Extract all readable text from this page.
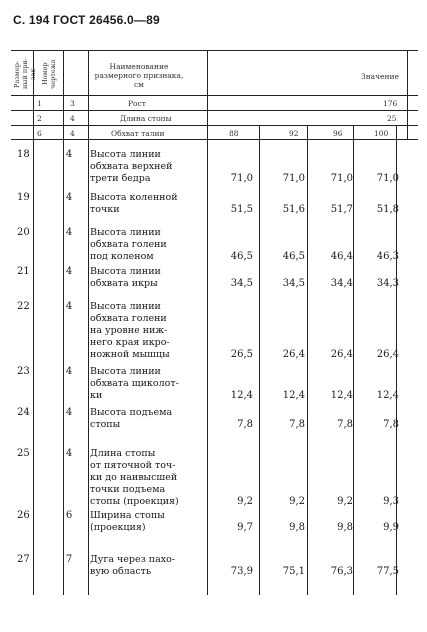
С. 194 ГОСТ 26456.0—89
Размер-ный при-зак Номер чертежа	Наименование размерного признака, см
Значение
1	3	Рост	176
2	4	Длина стопы	25
6	4	Обхват талии	88	92	96	100
18	4 Высота линии
обхвата верхней
трети бедра	71,0	71,0	71,0	71,0
19	4 Высота коленной
точки	51,5	51,6	51,7	51,8
20	4 Высота линии
обхвата голени
под коленом	46,5	46,5	46,4	46,3
21	4 Высота линии
обхвата икры	34,5	34,5	34,4	34,3
22	4 Высота линии
обхвата голени
на уровне ниж-
него края икро-
ножной мышцы	26,5	26,4	26,4	26,4
23	4 Высота линии
обхвата щиколот-
ки	12,4	12,4	12,4	12,4
24	4 Высота подъема
стопы	7,8	7,8	7,8	7,8
25	4 Длина стопы
от пяточной точ-
ки до наивысшей
точки подъема
стопы (проекция)	9,2	9,2	9,2	9,3
26	6 Ширина стопы
(проекция)	9,7	9,8	9,8	9,9
27	7 Дуга через пахо-
вую область	73,9	75,1	76,3	77,5
